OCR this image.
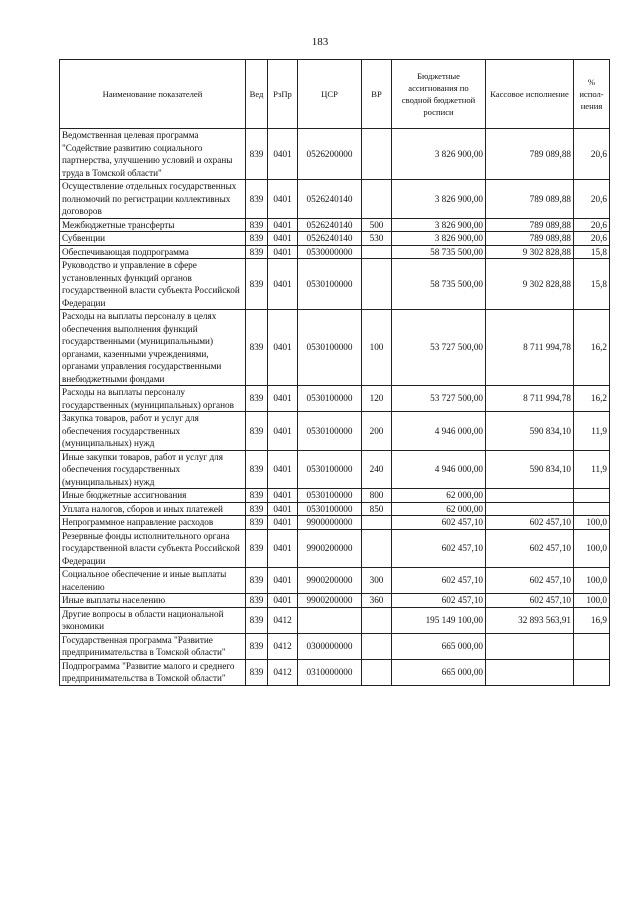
183
Наименование показателей	Вед	РзПр	ЦСР	ВР	Бюджетные ассигнования по сводной бюджетной росписи	Кассовое исполнение	% испол-нения
Ведомственная целевая программа "Содействие развитию социального партнерства, улучшению условий и охраны труда в Томской области"	839	0401	0526200000		3 826 900,00	789 089,88	20,6
Осуществление отдельных государственных полномочий по регистрации коллективных договоров	839	0401	0526240140		3 826 900,00	789 089,88	20,6
Межбюджетные трансферты	839	0401	0526240140	500	3 826 900,00	789 089,88	20,6
Субвенции	839	0401	0526240140	530	3 826 900,00	789 089,88	20,6
Обеспечивающая подпрограмма	839	0401	0530000000		58 735 500,00	9 302 828,88	15,8
Руководство и управление в сфере установленных функций органов государственной власти субъекта Российской Федерации	839	0401	0530100000		58 735 500,00	9 302 828,88	15,8
Расходы на выплаты персоналу в целях обеспечения выполнения функций государственными (муниципальными) органами, казенными учреждениями, органами управления государственными внебюджетными фондами	839	0401	0530100000	100	53 727 500,00	8 711 994,78	16,2
Расходы на выплаты персоналу государственных (муниципальных) органов	839	0401	0530100000	120	53 727 500,00	8 711 994,78	16,2
Закупка товаров, работ и услуг для обеспечения государственных (муниципальных) нужд	839	0401	0530100000	200	4 946 000,00	590 834,10	11,9
Иные закупки товаров, работ и услуг для обеспечения государственных (муниципальных) нужд	839	0401	0530100000	240	4 946 000,00	590 834,10	11,9
Иные бюджетные ассигнования	839	0401	0530100000	800	62 000,00		
Уплата налогов, сборов и иных платежей	839	0401	0530100000	850	62 000,00		
Непрограммное направление расходов	839	0401	9900000000		602 457,10	602 457,10	100,0
Резервные фонды исполнительного органа государственной власти субъекта Российской Федерации	839	0401	9900200000		602 457,10	602 457,10	100,0
Социальное обеспечение и иные выплаты населению	839	0401	9900200000	300	602 457,10	602 457,10	100,0
Иные выплаты населению	839	0401	9900200000	360	602 457,10	602 457,10	100,0
Другие вопросы в области национальной экономики	839	0412			195 149 100,00	32 893 563,91	16,9
Государственная программа "Развитие предпринимательства в Томской области"	839	0412	0300000000		665 000,00		
Подпрограмма "Развитие малого и среднего предпринимательства в Томской области"	839	0412	0310000000		665 000,00		
